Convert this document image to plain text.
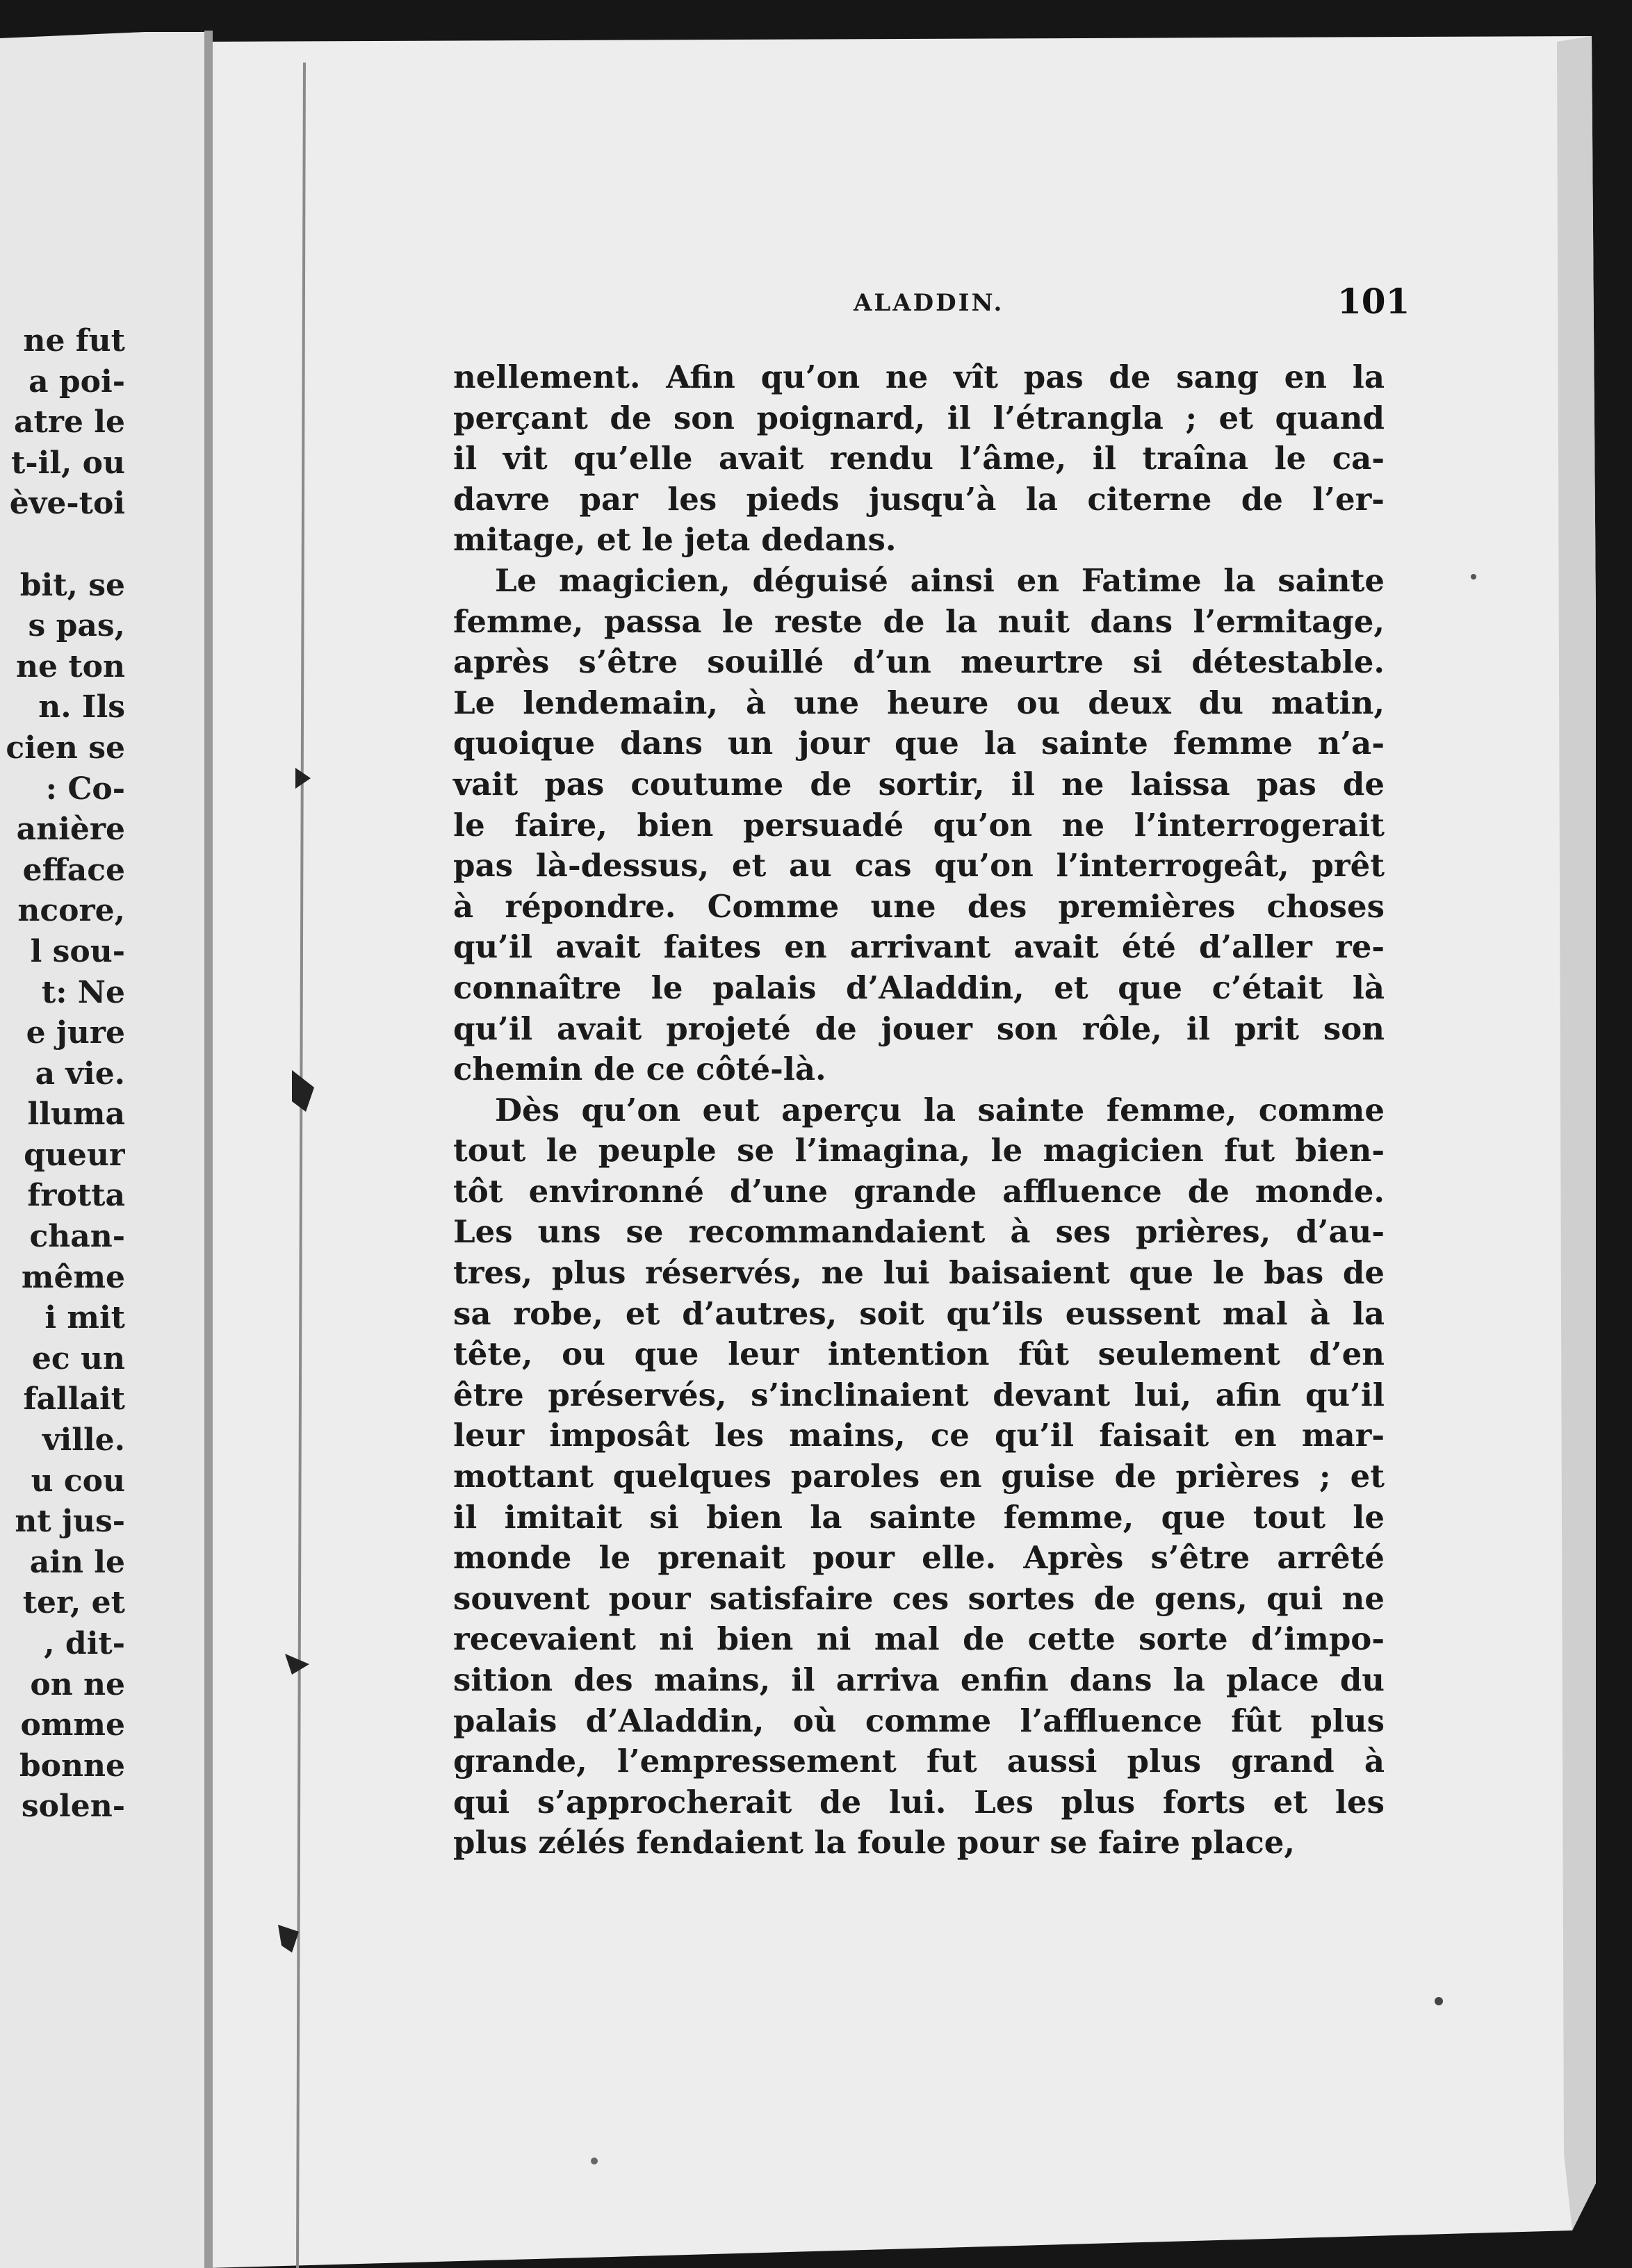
ne fut
a poi-
atre le
t-il, ou
ève-toi

bit, se
s pas,
ne ton
n. Ils
cien se
: Co-
anière
efface
ncore,
l sou-
t: Ne
e jure
a vie.
lluma
queur
frotta
chan-
même
i mit
ec un
fallait
ville.
u cou
nt jus-
ain le
ter, et
, dit-
on ne
omme
bonne
solen-
ALADDIN.	101
nellement. Afin qu’on ne vît pas de sang en la
perçant de son poignard, il l’étrangla ; et quand
il vit qu’elle avait rendu l’âme, il traîna le ca-
davre par les pieds jusqu’à la citerne de l’er-
mitage, et le jeta dedans.
Le magicien, déguisé ainsi en Fatime la sainte
femme, passa le reste de la nuit dans l’ermitage,
après s’être souillé d’un meurtre si détestable.
Le lendemain, à une heure ou deux du matin,
quoique dans un jour que la sainte femme n’a-
vait pas coutume de sortir, il ne laissa pas de
le faire, bien persuadé qu’on ne l’interrogerait
pas là-dessus, et au cas qu’on l’interrogeât, prêt
à répondre. Comme une des premières choses
qu’il avait faites en arrivant avait été d’aller re-
connaître le palais d’Aladdin, et que c’était là
qu’il avait projeté de jouer son rôle, il prit son
chemin de ce côté-là.
Dès qu’on eut aperçu la sainte femme, comme
tout le peuple se l’imagina, le magicien fut bien-
tôt environné d’une grande affluence de monde.
Les uns se recommandaient à ses prières, d’au-
tres, plus réservés, ne lui baisaient que le bas de
sa robe, et d’autres, soit qu’ils eussent mal à la
tête, ou que leur intention fût seulement d’en
être préservés, s’inclinaient devant lui, afin qu’il
leur imposât les mains, ce qu’il faisait en mar-
mottant quelques paroles en guise de prières ; et
il imitait si bien la sainte femme, que tout le
monde le prenait pour elle. Après s’être arrêté
souvent pour satisfaire ces sortes de gens, qui ne
recevaient ni bien ni mal de cette sorte d’impo-
sition des mains, il arriva enfin dans la place du
palais d’Aladdin, où comme l’affluence fût plus
grande, l’empressement fut aussi plus grand à
qui s’approcherait de lui. Les plus forts et les
plus zélés fendaient la foule pour se faire place,
